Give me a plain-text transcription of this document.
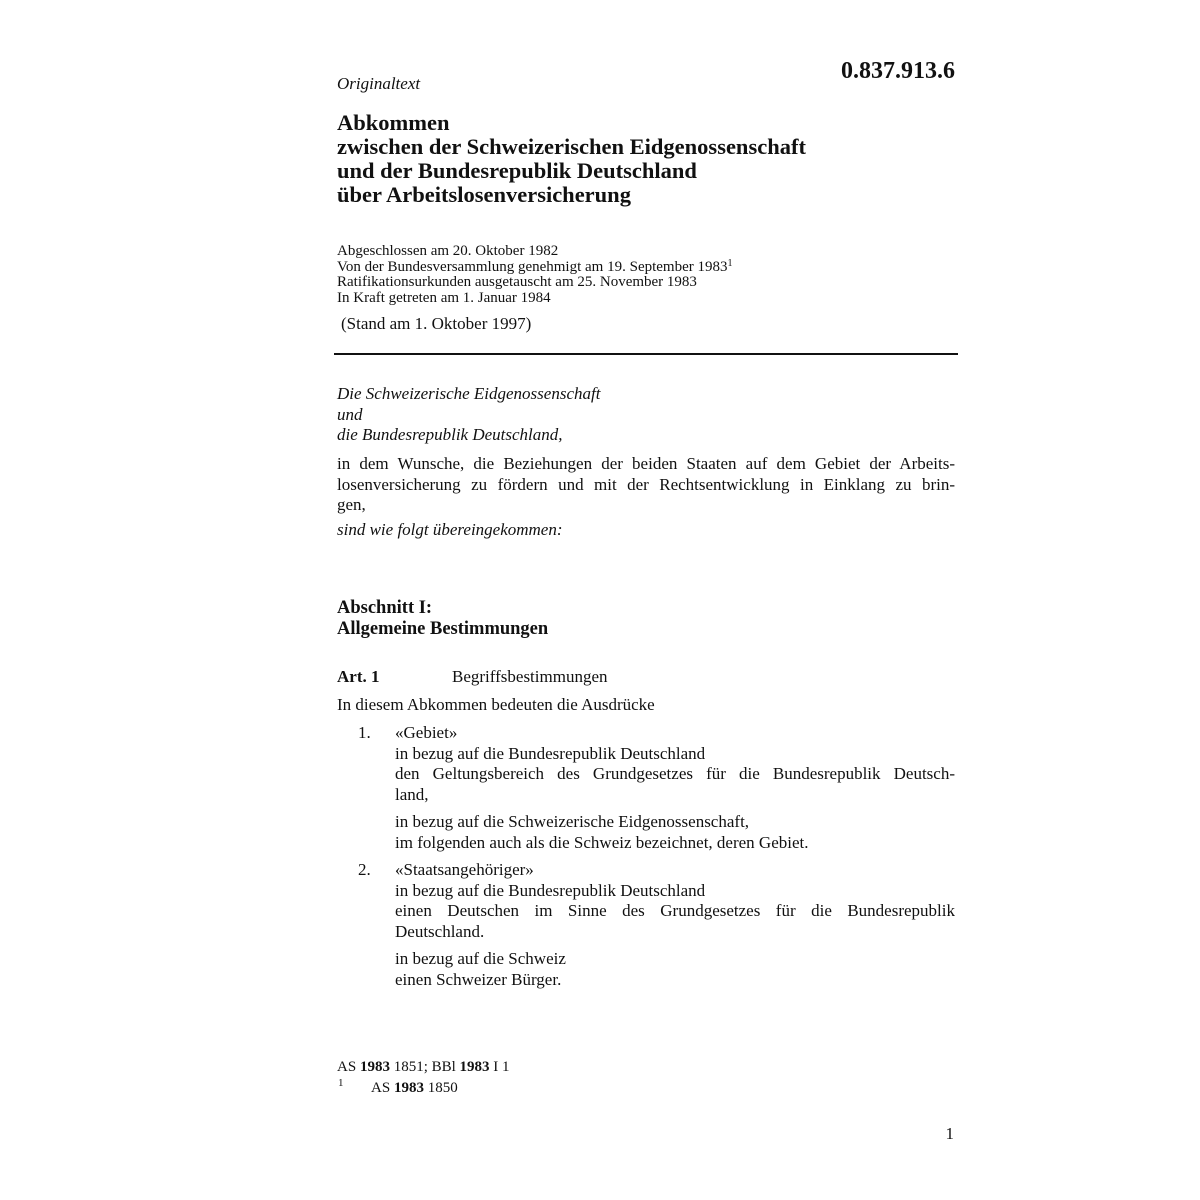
Originaltext	0.837.913.6
Abkommen
zwischen der Schweizerischen Eidgenossenschaft
und der Bundesrepublik Deutschland
über Arbeitslosenversicherung
Abgeschlossen am 20. Oktober 1982
Von der Bundesversammlung genehmigt am 19. September 1983$^1$
Ratifikationsurkunden ausgetauscht am 25. November 1983
In Kraft getreten am 1. Januar 1984
(Stand am 1. Oktober 1997)
Die Schweizerische Eidgenossenschaft
und
die Bundesrepublik Deutschland,
in dem Wunsche, die Beziehungen der beiden Staaten auf dem Gebiet der Arbeits-
losenversicherung zu fördern und mit der Rechtsentwicklung in Einklang zu brin-
gen,
sind wie folgt übereingekommen:
Abschnitt I:
Allgemeine Bestimmungen
Art. 1	Begriffsbestimmungen
In diesem Abkommen bedeuten die Ausdrücke
1. «Gebiet»
in bezug auf die Bundesrepublik Deutschland
den Geltungsbereich des Grundgesetzes für die Bundesrepublik Deutsch-
land,
in bezug auf die Schweizerische Eidgenossenschaft,
im folgenden auch als die Schweiz bezeichnet, deren Gebiet.
2. «Staatsangehöriger»
in bezug auf die Bundesrepublik Deutschland
einen Deutschen im Sinne des Grundgesetzes für die Bundesrepublik
Deutschland.
in bezug auf die Schweiz
einen Schweizer Bürger.
AS 1983 1851; BBl 1983 I 1
1 AS 1983 1850
1
